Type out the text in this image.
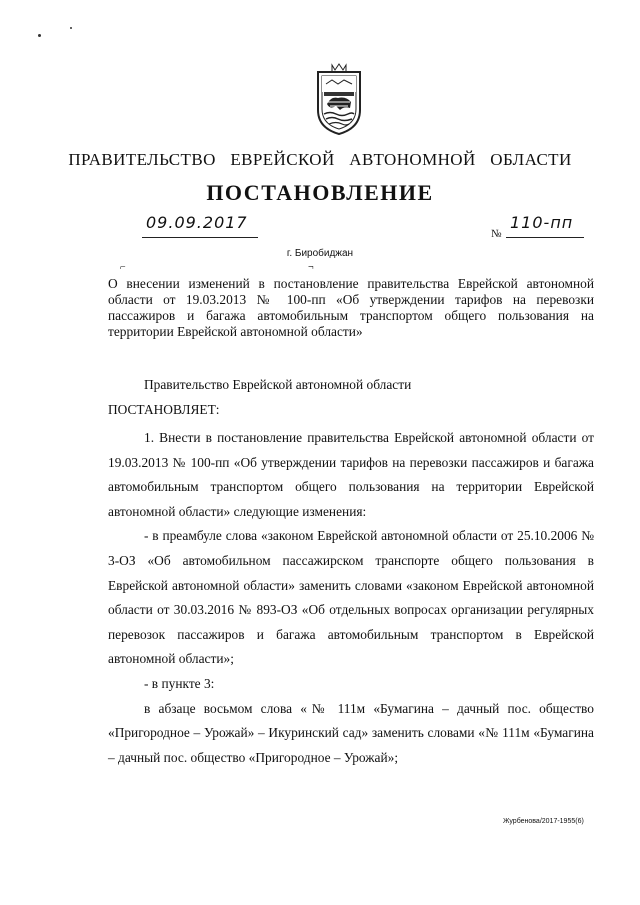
ПРАВИТЕЛЬСТВО ЕВРЕЙСКОЙ АВТОНОМНОЙ ОБЛАСТИ
ПОСТАНОВЛЕНИЕ
09.09.2017
№
110-пп
г. Биробиджан
⌐	¬
О внесении изменений в постановление правительства Еврейской автономной области от 19.03.2013 № 100-пп «Об утверждении тарифов на перевозки пассажиров и багажа автомобильным транспортом общего пользования на территории Еврейской автономной области»
Правительство Еврейской автономной области
ПОСТАНОВЛЯЕТ:

1. Внести в постановление правительства Еврейской автономной области от 19.03.2013 № 100-пп «Об утверждении тарифов на перевозки пассажиров и багажа автомобильным транспортом общего пользования на территории Еврейской автономной области» следующие изменения:

- в преамбуле слова «законом Еврейской автономной области от 25.10.2006 № 3-ОЗ «Об автомобильном пассажирском транспорте общего пользования в Еврейской автономной области» заменить словами «законом Еврейской автономной области от 30.03.2016 № 893-ОЗ «Об отдельных вопросах организации регулярных перевозок пассажиров и багажа автомобильным транспортом в Еврейской автономной области»;

- в пункте 3:

в абзаце восьмом слова «№ 111м «Бумагина – дачный пос. общество «Пригородное – Урожай» – Икуринский сад» заменить словами «№ 111м «Бумагина – дачный пос. общество «Пригородное – Урожай»;

Журбенова/2017-1955(6)
